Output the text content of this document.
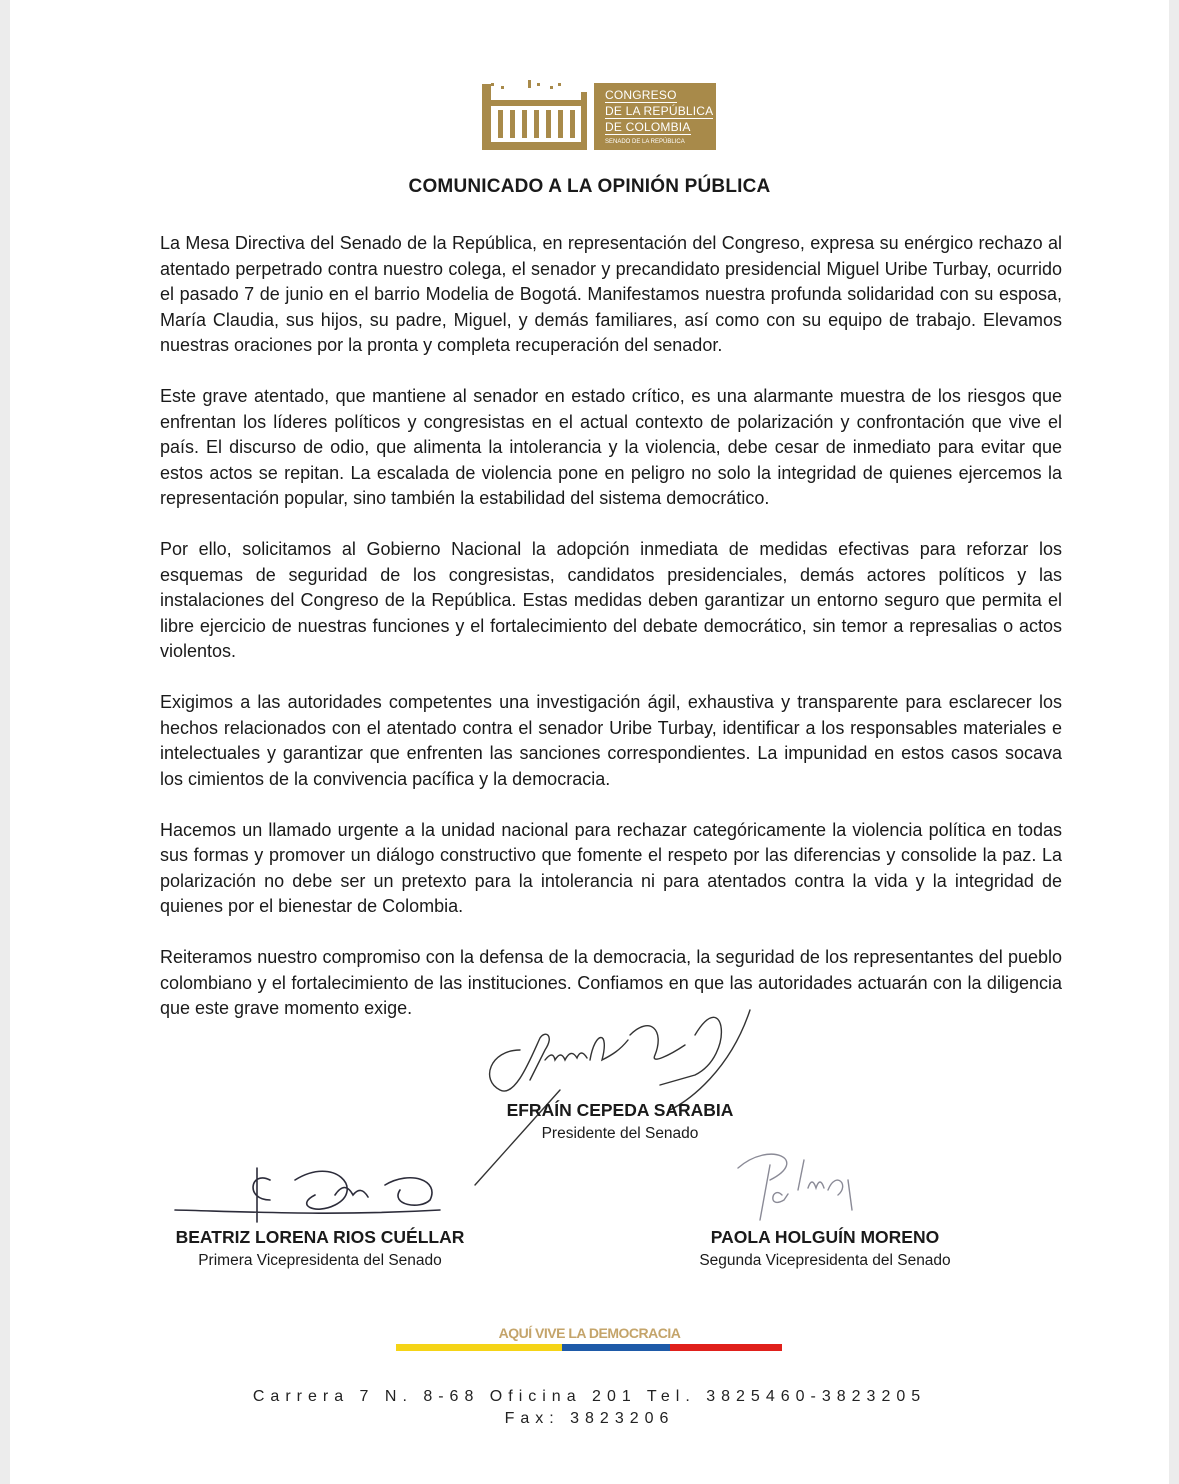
CONGRESO
DE LA REPÚBLICA
DE COLOMBIA
SENADO DE LA REPÚBLICA
COMUNICADO A LA OPINIÓN PÚBLICA

La Mesa Directiva del Senado de la República, en representación del Congreso, expresa su enérgico rechazo al atentado perpetrado contra nuestro colega, el senador y precandidato presidencial Miguel Uribe Turbay, ocurrido el pasado 7 de junio en el barrio Modelia de Bogotá. Manifestamos nuestra profunda solidaridad con su esposa, María Claudia, sus hijos, su padre, Miguel, y demás familiares, así como con su equipo de trabajo. Elevamos nuestras oraciones por la pronta y completa recuperación del senador.

Este grave atentado, que mantiene al senador en estado crítico, es una alarmante muestra de los riesgos que enfrentan los líderes políticos y congresistas en el actual contexto de polarización y confrontación que vive el país. El discurso de odio, que alimenta la intolerancia y la violencia, debe cesar de inmediato para evitar que estos actos se repitan. La escalada de violencia pone en peligro no solo la integridad de quienes ejercemos la representación popular, sino también la estabilidad del sistema democrático.

Por ello, solicitamos al Gobierno Nacional la adopción inmediata de medidas efectivas para reforzar los esquemas de seguridad de los congresistas, candidatos presidenciales, demás actores políticos y las instalaciones del Congreso de la República. Estas medidas deben garantizar un entorno seguro que permita el libre ejercicio de nuestras funciones y el fortalecimiento del debate democrático, sin temor a represalias o actos violentos.

Exigimos a las autoridades competentes una investigación ágil, exhaustiva y transparente para esclarecer los hechos relacionados con el atentado contra el senador Uribe Turbay, identificar a los responsables materiales e intelectuales y garantizar que enfrenten las sanciones correspondientes. La impunidad en estos casos socava los cimientos de la convivencia pacífica y la democracia.

Hacemos un llamado urgente a la unidad nacional para rechazar categóricamente la violencia política en todas sus formas y promover un diálogo constructivo que fomente el respeto por las diferencias y consolide la paz. La polarización no debe ser un pretexto para la intolerancia ni para atentados contra la vida y la integridad de quienes por el bienestar de Colombia.

Reiteramos nuestro compromiso con la defensa de la democracia, la seguridad de los representantes del pueblo colombiano y el fortalecimiento de las instituciones. Confiamos en que las autoridades actuarán con la diligencia que este grave momento exige.

EFRAÍN CEPEDA SARABIA
Presidente del Senado
BEATRIZ LORENA RIOS CUÉLLAR
Primera Vicepresidenta del Senado
PAOLA HOLGUÍN MORENO
Segunda Vicepresidenta del Senado
AQUÍ VIVE LA DEMOCRACIA
Carrera 7 N. 8-68 Oficina 201 Tel. 3825460-3823205
Fax: 3823206
